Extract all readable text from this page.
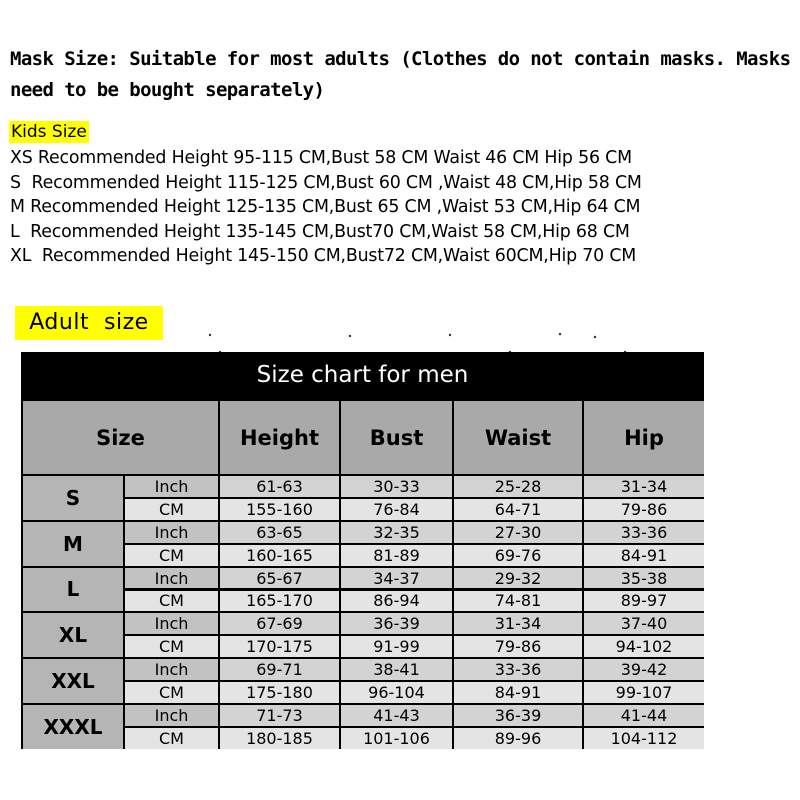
Mask Size: Suitable for most adults (Clothes do not contain masks. Masks
need to be bought separately)
Kids Size
XS Recommended Height 95-115 CM,Bust 58 CM Waist 46 CM Hip 56 CM
S  Recommended Height 115-125 CM,Bust 60 CM ,Waist 48 CM,Hip 58 CM
M Recommended Height 125-135 CM,Bust 65 CM ,Waist 53 CM,Hip 64 CM
L  Recommended Height 135-145 CM,Bust70 CM,Waist 58 CM,Hip 68 CM
XL  Recommended Height 145-150 CM,Bust72 CM,Waist 60CM,Hip 70 CM
Adult  size
Size chart for men
Size	Height	Bust	Waist	Hip
S	Inch	61-63	30-33	25-28	31-34
CM	155-160	76-84	64-71	79-86
M	Inch	63-65	32-35	27-30	33-36
CM	160-165	81-89	69-76	84-91
L	Inch	65-67	34-37	29-32	35-38
CM	165-170	86-94	74-81	89-97
XL	Inch	67-69	36-39	31-34	37-40
CM	170-175	91-99	79-86	94-102
XXL	Inch	69-71	38-41	33-36	39-42
CM	175-180	96-104	84-91	99-107
XXXL	Inch	71-73	41-43	36-39	41-44
CM	180-185	101-106	89-96	104-112
